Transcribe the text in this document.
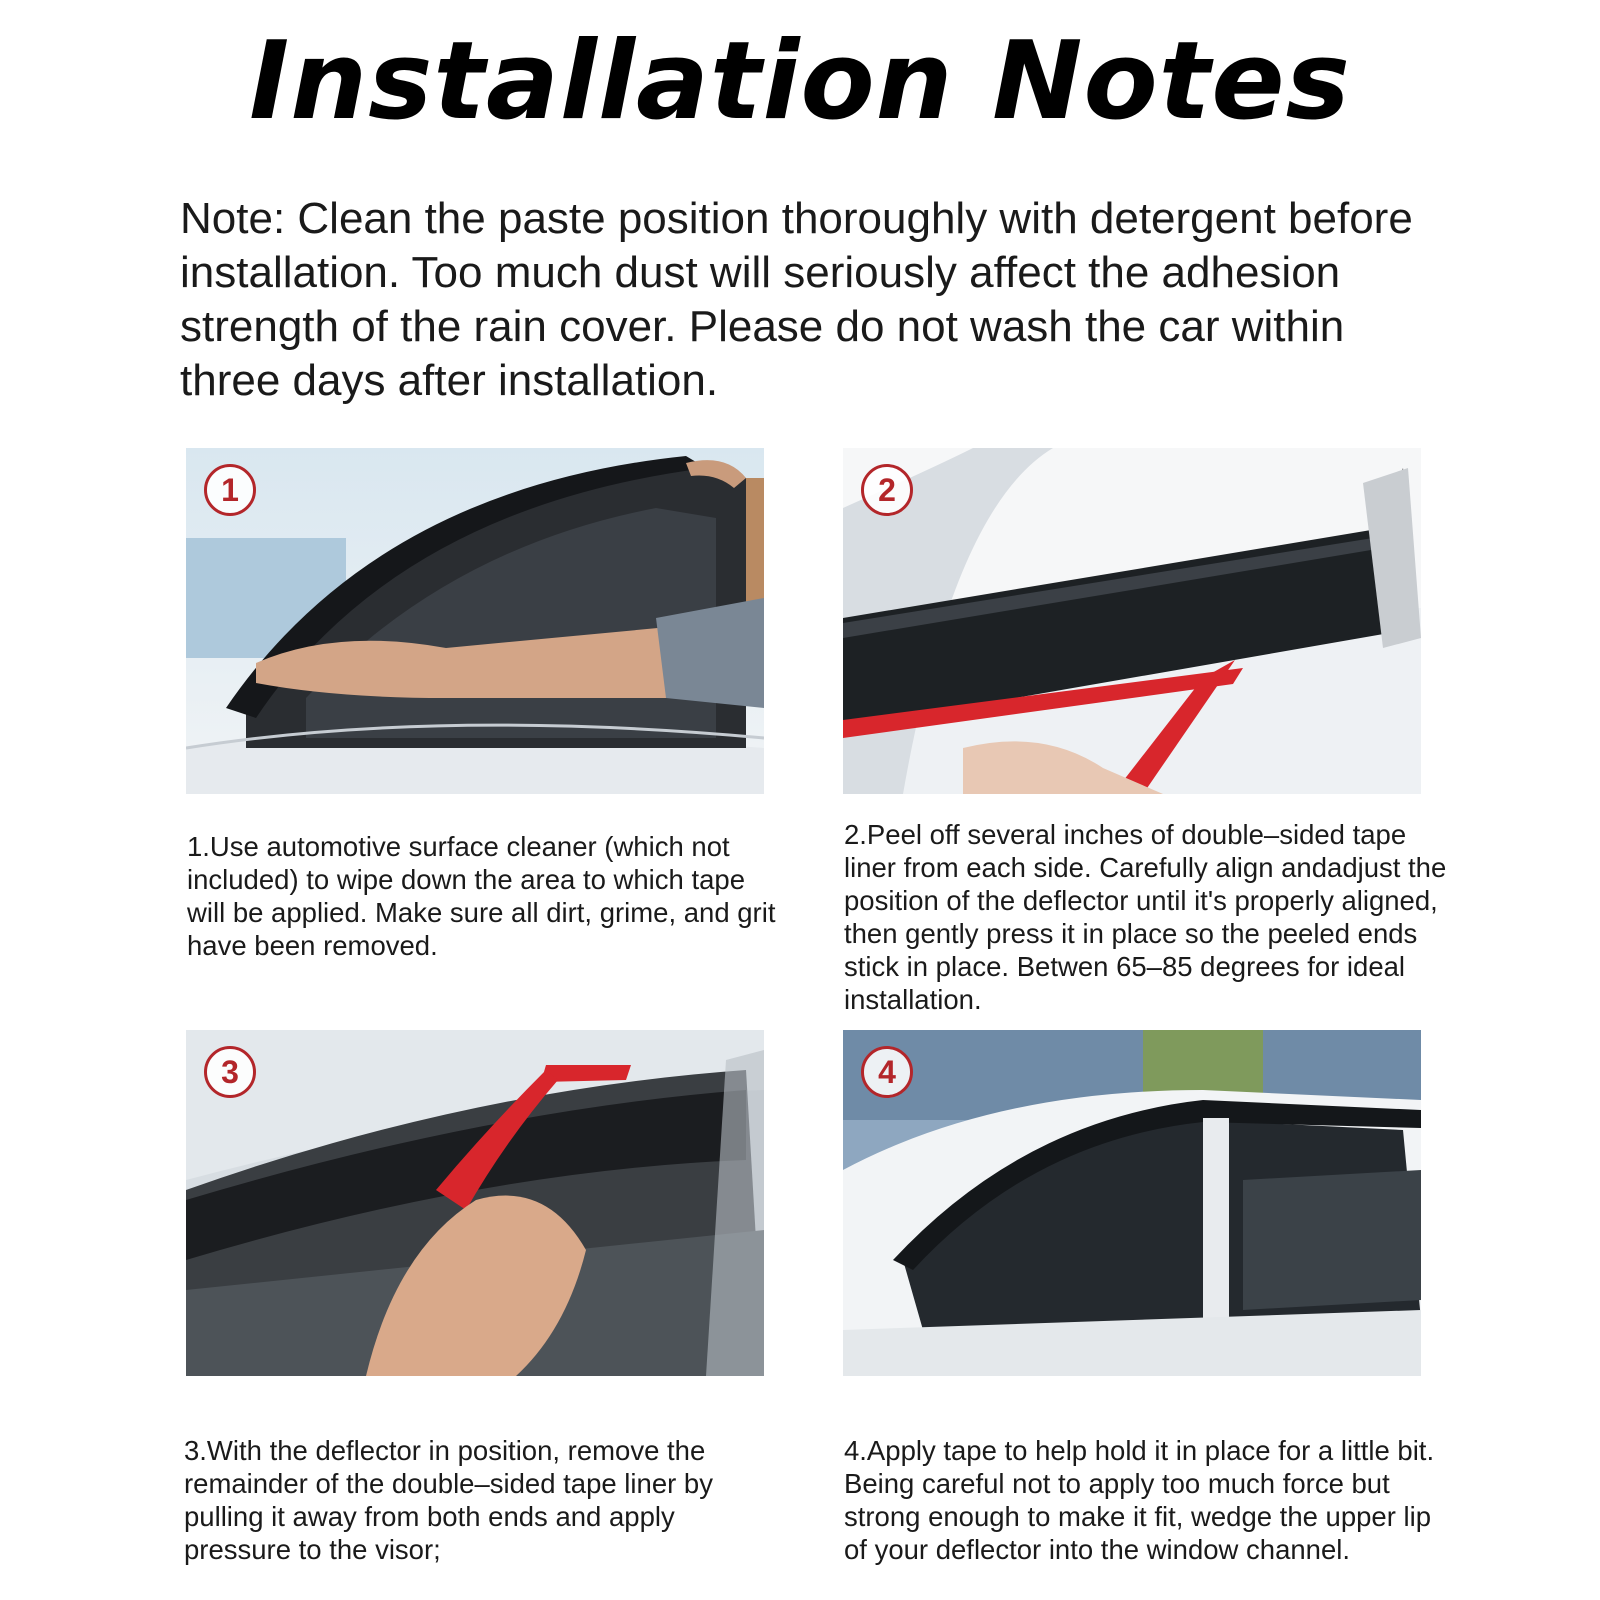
Installation Notes
Note: Clean the paste position thoroughly with detergent before installation. Too much dust will seriously affect the adhesion strength of the rain cover. Please do not wash the car within three days after installation.
1	2
3	4
1.Use automotive surface cleaner (which not included) to wipe down the area to which tape will be applied. Make sure all dirt, grime, and grit have been removed.
2.Peel off several inches of double–sided tape liner from each side. Carefully align andadjust the position of the deflector until it's properly aligned, then gently press it in place so the peeled ends stick in place. Betwen 65–85 degrees for ideal installation.
3.With the deflector in position, remove the remainder of the double–sided tape liner by pulling it away from both ends and apply pressure to the visor;
4.Apply tape to help hold it in place for a little bit. Being careful not to apply too much force but strong enough to make it fit, wedge the upper lip of your deflector into the window channel.
